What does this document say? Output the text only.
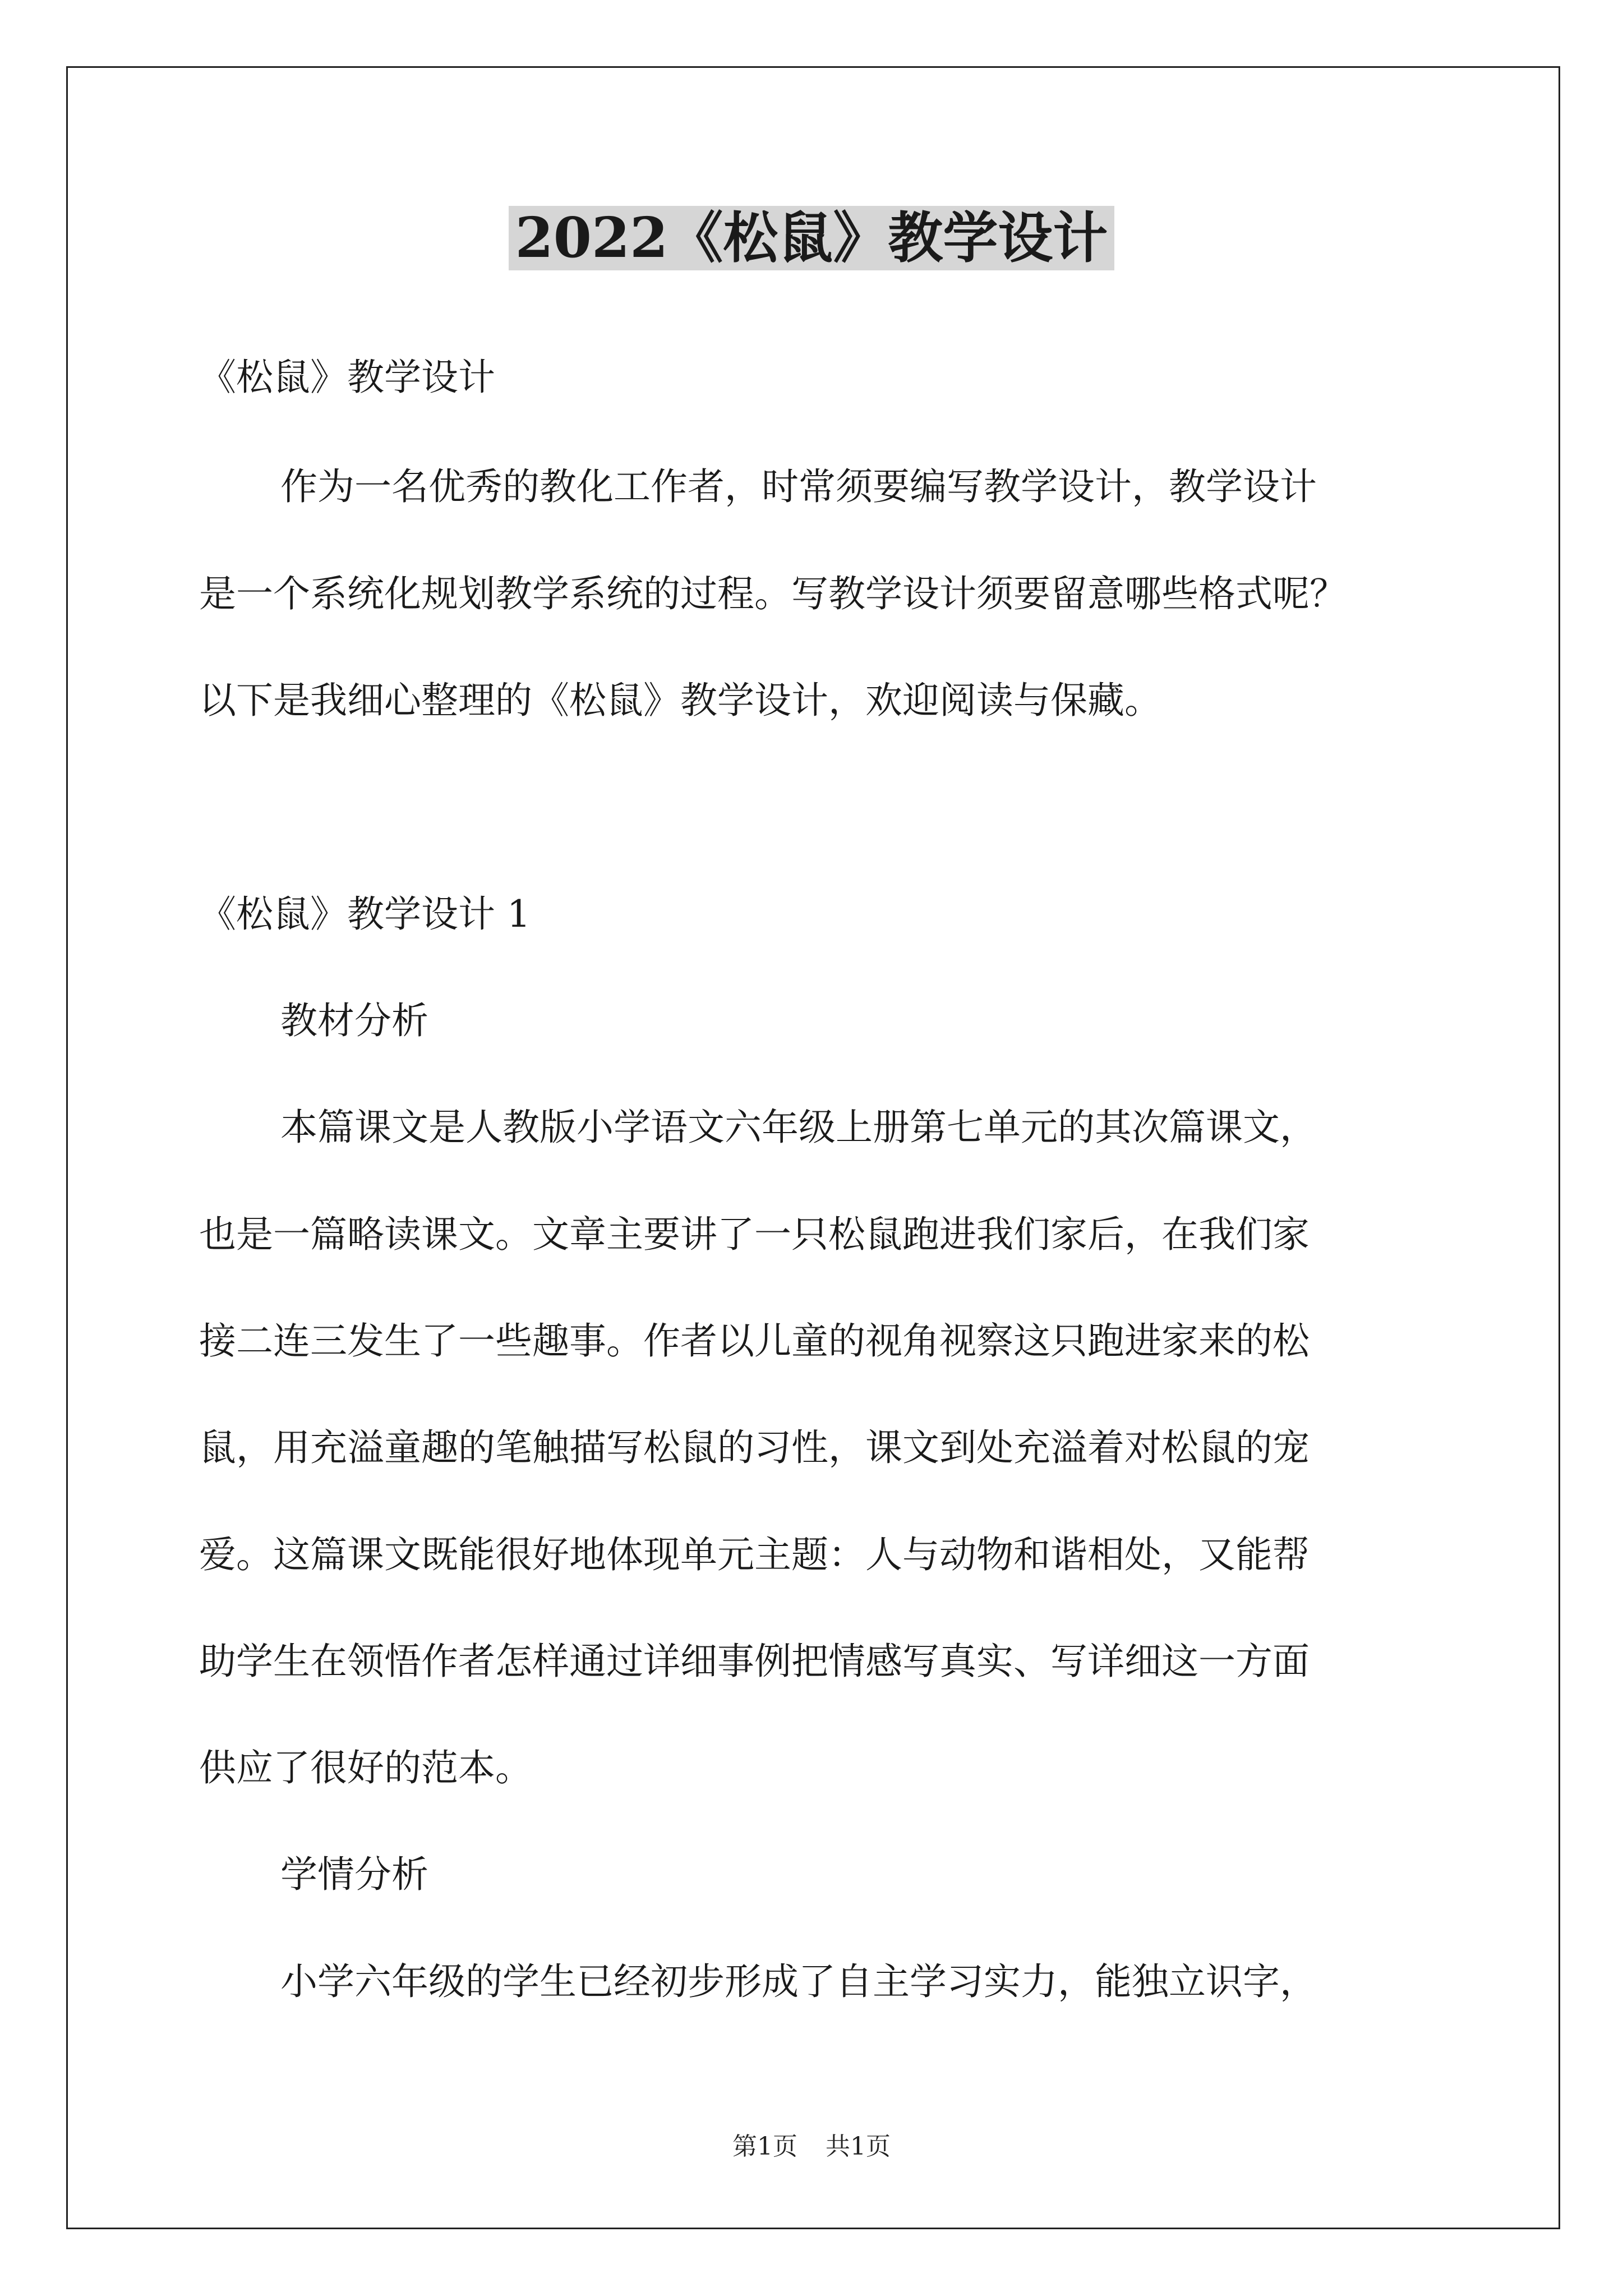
2022《松鼠》教学设计
《松鼠》教学设计
作为一名优秀的教化工作者，时常须要编写教学设计，教学设计
是一个系统化规划教学系统的过程。写教学设计须要留意哪些格式呢？
以下是我细心整理的《松鼠》教学设计，欢迎阅读与保藏。
《松鼠》教学设计 1
教材分析
本篇课文是人教版小学语文六年级上册第七单元的其次篇课文，
也是一篇略读课文。文章主要讲了一只松鼠跑进我们家后，在我们家
接二连三发生了一些趣事。作者以儿童的视角视察这只跑进家来的松
鼠，用充溢童趣的笔触描写松鼠的习性，课文到处充溢着对松鼠的宠
爱。这篇课文既能很好地体现单元主题：人与动物和谐相处，又能帮
助学生在领悟作者怎样通过详细事例把情感写真实、写详细这一方面
供应了很好的范本。
学情分析
小学六年级的学生已经初步形成了自主学习实力，能独立识字，
第1页 共1页
